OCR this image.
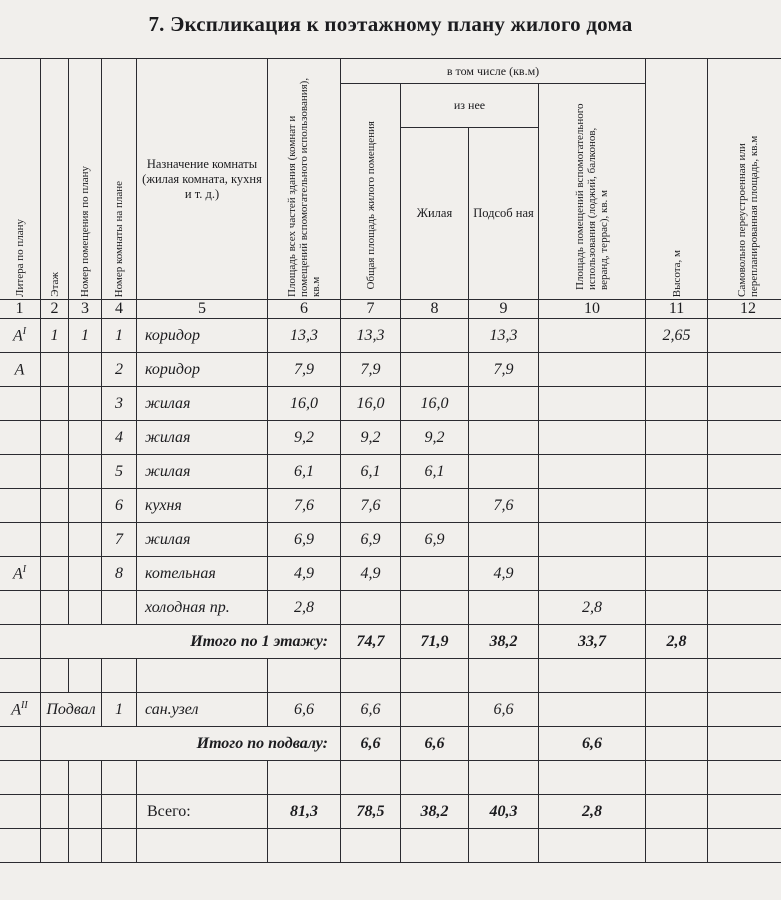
7. Экспликация к поэтажному плану жилого дома
Литера по плану	Этаж	Номер помещения по плану	Номер комнаты на плане	Назначение комнаты (жилая комната, кухня и т. д.)	Площадь всех частей здания (комнат и помещений вспомогательного использования), кв.м	в том числе (кв.м)				Высота, м	Самовольно переустроенная или перепланированная площадь, кв.м	

						Общая площадь жилого помещения	из нее		Площадь помещений вспомогательного использования (лоджий, балконов, веранд, террас), кв. м			

							Жилая	Подсоб ная				
1	2	3	4	5	6	7	8	9	10	11	12	
$А^I$	1	1	1	коридор	13,3	13,3		13,3		2,65		
А			2	коридор	7,9	7,9		7,9				
			3	жилая	16,0	16,0	16,0					
			4	жилая	9,2	9,2	9,2					
			5	жилая	6,1	6,1	6,1					
			6	кухня	7,6	7,6		7,6				
			7	жилая	6,9	6,9	6,9					
$А^I$			8	котельная	4,9	4,9		4,9				
				холодная пр.	2,8				2,8			
	Итого по 1 этажу:					74,7	71,9	38,2	33,7	2,8		

$А^{II}$	Подвал		1	сан.узел	6,6	6,6		6,6				
	Итого по подвалу:					6,6	6,6		6,6			

				Всего:	81,3	78,5	38,2	40,3	2,8			
